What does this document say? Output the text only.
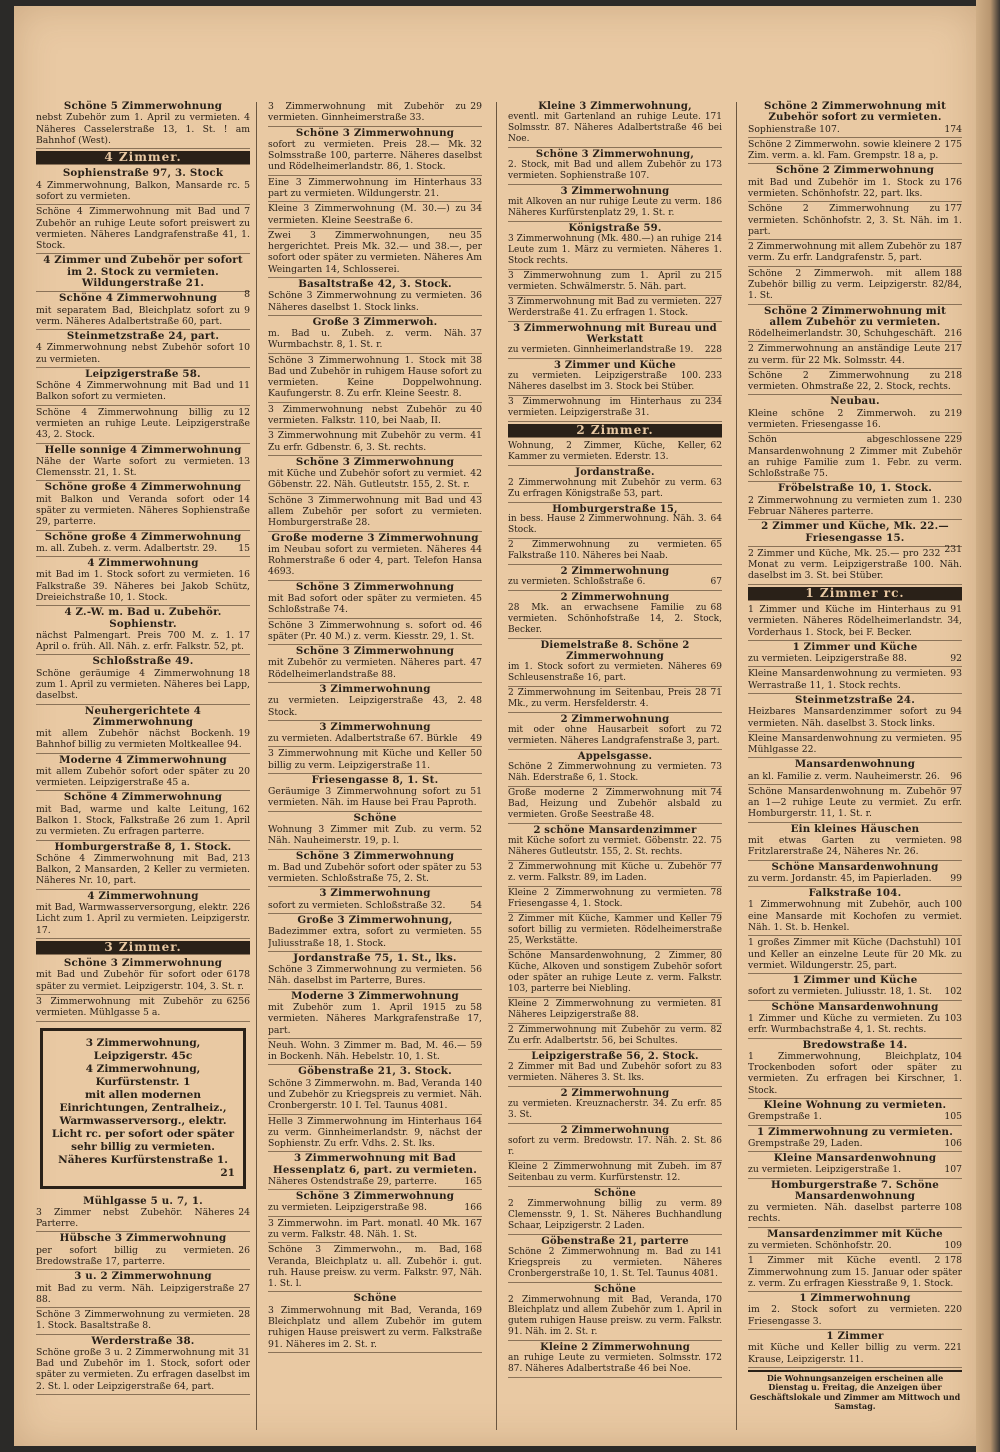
Schöne 5 Zimmerwohnung
4
nebst Zubehör zum 1. April zu vermieten. Näheres Casselerstraße 13, 1. St. ! am Bahnhof (West).
4 Zimmer.
Sophienstraße 97, 3. Stock
5
4 Zimmerwohnung, Balkon, Mansarde rc. sofort zu vermieten.
7
Schöne 4 Zimmerwohnung mit Bad und Zubehör an ruhige Leute sofort preiswert zu vermieten. Näheres Landgrafenstraße 41, 1. Stock.
4 Zimmer und Zubehör per sofort im 2. Stock zu vermieten. Wildungerstraße 21.
8
Schöne 4 Zimmerwohnung
9
mit separatem Bad, Bleichplatz sofort zu verm. Näheres Adalbertstraße 60, part.
Steinmetzstraße 24, part.
10
4 Zimmerwohnung nebst Zubehör sofort zu vermieten.
Leipzigerstraße 58.
11
Schöne 4 Zimmerwohnung mit Bad und Balkon sofort zu vermieten.
12
Schöne 4 Zimmerwohnung billig zu vermieten an ruhige Leute. Leipzigerstraße 43, 2. Stock.
Helle sonnige 4 Zimmerwohnung
13
Nähe der Warte sofort zu vermieten. Clemensstr. 21, 1. St.
Schöne große 4 Zimmerwohnung
14
mit Balkon und Veranda sofort oder später zu vermieten. Näheres Sophienstraße 29, parterre.
Schöne große 4 Zimmerwohnung
15
m. all. Zubeh. z. verm. Adalbertstr. 29.
4 Zimmerwohnung
16
mit Bad im 1. Stock sofort zu vermieten. Falkstraße 39. Näheres bei Jakob Schütz, Dreieichstraße 10, 1. Stock.
4 Z.-W. m. Bad u. Zubehör. Sophienstr.
17
nächst Palmengart. Preis 700 M. z. 1. April o. früh. All. Näh. z. erfr. Falkstr. 52, pt.
Schloßstraße 49.
18
Schöne geräumige 4 Zimmerwohnung zum 1. April zu vermieten. Näheres bei Lapp, daselbst.
Neuhergerichtete 4 Zimmerwohnung
19
mit allem Zubehör nächst Bockenh. Bahnhof billig zu vermieten Moltkeallee 94.
Moderne 4 Zimmerwohnung
20
mit allem Zubehör sofort oder später zu vermieten. Leipzigerstraße 45 a.
Schöne 4 Zimmerwohnung
162
mit Bad, warme und kalte Leitung, Balkon 1. Stock, Falkstraße 26 zum 1. April zu vermieten. Zu erfragen parterre.
Homburgerstraße 8, 1. Stock.
213
Schöne 4 Zimmerwohnung mit Bad, Balkon, 2 Mansarden, 2 Keller zu vermieten. Näheres Nr. 10, part.
4 Zimmerwohnung
226
mit Bad, Warmwasserversorgung, elektr. Licht zum 1. April zu vermieten. Leipzigerstr. 17.
3 Zimmer.
Schöne 3 Zimmerwohnung
6178
mit Bad und Zubehör für sofort oder später zu vermiet. Leipzigerstr. 104, 3. St. r.
6256
3 Zimmerwohnung mit Zubehör zu vermieten. Mühlgasse 5 a.
3 Zimmerwohnung, Leipzigerstr. 45c
4 Zimmerwohnung, Kurfürstenstr. 1
mit allen modernen Einrichtungen, Zentralheiz., Warmwasserversorg., elektr. Licht rc. per sofort oder später sehr billig zu vermieten. Näheres Kurfürstenstraße 1.
21
Mühlgasse 5 u. 7, 1.
24
3 Zimmer nebst Zubehör. Näheres Parterre.
Hübsche 3 Zimmerwohnung
26
per sofort billig zu vermieten. Bredowstraße 17, parterre.
3 u. 2 Zimmerwohnung
27
mit Bad zu verm. Näh. Leipzigerstraße 88.
28
Schöne 3 Zimmerwohnung zu vermieten. 1. Stock. Basaltstraße 8.
Werderstraße 38.
31
Schöne große 3 u. 2 Zimmerwohnung mit Bad und Zubehör im 1. Stock, sofort oder später zu vermieten. Zu erfragen daselbst im 2. St. l. oder Leipzigerstraße 64, part.
29
3 Zimmerwohnung mit Zubehör zu vermieten. Ginnheimerstraße 33.
Schöne 3 Zimmerwohnung
32
sofort zu vermieten. Preis 28.— Mk. Solmsstraße 100, parterre. Näheres daselbst und Rödelheimerlandstr. 86, 1. Stock.
33
Eine 3 Zimmerwohnung im Hinterhaus part zu vermieten. Wildungerstr. 21.
34
Kleine 3 Zimmerwohnung (M. 30.—) zu vermieten. Kleine Seestraße 6.
35
Zwei 3 Zimmerwohnungen, neu hergerichtet. Preis Mk. 32.— und 38.—, per sofort oder später zu vermieten. Näheres Am Weingarten 14, Schlosserei.
Basaltstraße 42, 3. Stock.
36
Schöne 3 Zimmerwohnung zu vermieten. Näheres daselbst 1. Stock links.
Große 3 Zimmerwoh.
37
m. Bad u. Zubeh. z. verm. Näh. Wurmbachstr. 8, 1. St. r.
38
Schöne 3 Zimmerwohnung 1. Stock mit Bad und Zubehör in ruhigem Hause sofort zu vermieten. Keine Doppelwohnung. Kaufungerstr. 8. Zu erfr. Kleine Seestr. 8.
40
3 Zimmerwohnung nebst Zubehör zu vermieten. Falkstr. 110, bei Naab, II.
41
3 Zimmerwohnung mit Zubehör zu verm. Zu erfr. Gdbenstr. 6, 3. St. rechts.
Schöne 3 Zimmerwohnung
42
mit Küche und Zubehör sofort zu vermiet. Göbenstr. 22. Näh. Gutleutstr. 155, 2. St. r.
43
Schöne 3 Zimmerwohnung mit Bad und allem Zubehör per sofort zu vermieten. Homburgerstraße 28.
Große moderne 3 Zimmerwohnung
44
im Neubau sofort zu vermieten. Näheres Rohmerstraße 6 oder 4, part. Telefon Hansa 4693.
Schöne 3 Zimmerwohnung
45
mit Bad sofort oder später zu vermieten. Schloßstraße 74.
46
Schöne 3 Zimmerwohnung s. sofort od. später (Pr. 40 M.) z. verm. Kiesstr. 29, 1. St.
Schöne 3 Zimmerwohnung
47
mit Zubehör zu vermieten. Näheres part. Rödelheimerlandstraße 88.
3 Zimmerwohnung
48
zu vermieten. Leipzigerstraße 43, 2. Stock.
3 Zimmerwohnung
49
zu vermieten. Adalbertstraße 67. Bürkle
50
3 Zimmerwohnung mit Küche und Keller billig zu verm. Leipzigerstraße 11.
Friesengasse 8, 1. St.
51
Geräumige 3 Zimmerwohnung sofort zu vermieten. Näh. im Hause bei Frau Paproth.
Schöne
52
Wohnung 3 Zimmer mit Zub. zu verm. Näh. Nauheimerstr. 19, p. l.
Schöne 3 Zimmerwohnung
53
m. Bad und Zubehör sofort oder später zu vermieten. Schloßstraße 75, 2. St.
3 Zimmerwohnung
54
sofort zu vermieten. Schloßstraße 32.
Große 3 Zimmerwohnung,
55
Badezimmer extra, sofort zu vermieten. Juliusstraße 18, 1. Stock.
Jordanstraße 75, 1. St., lks.
56
Schöne 3 Zimmerwohnung zu vermieten. Näh. daselbst im Parterre, Bures.
Moderne 3 Zimmerwohnung
58
mit Zubehör zum 1. April 1915 zu vermieten. Näheres Markgrafenstraße 17, part.
59
Neuh. Wohn. 3 Zimmer m. Bad, M. 46.— in Bockenh. Näh. Hebelstr. 10, 1. St.
Göbenstraße 21, 3. Stock.
140
Schöne 3 Zimmerwohn. m. Bad, Veranda und Zubehör zu Kriegspreis zu vermiet. Näh. Cronbergerstr. 10 I. Tel. Taunus 4081.
164
Helle 3 Zimmerwohnung im Hinterhaus zu verm. Ginnheimerlandstr. 9, nächst der Sophienstr. Zu erfr. Vdhs. 2. St. lks.
3 Zimmerwohnung mit Bad Hessenplatz 6, part. zu vermieten.
165
Näheres Ostendstraße 29, parterre.
Schöne 3 Zimmerwohnung
166
zu vermieten. Leipzigerstraße 98.
167
3 Zimmerwohn. im Part. monatl. 40 Mk. zu verm. Falkstr. 48. Näh. 1. St.
168
Schöne 3 Zimmerwohn., m. Bad, Veranda, Bleichplatz u. all. Zubehör i. gut. ruh. Hause preisw. zu verm. Falkstr. 97, Näh. 1. St. l.
Schöne
169
3 Zimmerwohnung mit Bad, Veranda, Bleichplatz und allem Zubehör im gutem ruhigen Hause preiswert zu verm. Falkstraße 91. Näheres im 2. St. r.
Kleine 3 Zimmerwohnung,
171
eventl. mit Gartenland an ruhige Leute. Solmsstr. 87. Näheres Adalbertstraße 46 bei Noe.
Schöne 3 Zimmerwohnung,
173
2. Stock, mit Bad und allem Zubehör zu vermieten. Sophienstraße 107.
3 Zimmerwohnung
186
mit Alkoven an nur ruhige Leute zu verm. Näheres Kurfürstenplatz 29, 1. St. r.
Königstraße 59.
214
3 Zimmerwohnung (Mk. 480.—) an ruhige Leute zum 1. März zu vermieten. Näheres 1. Stock rechts.
215
3 Zimmerwohnung zum 1. April zu vermieten. Schwälmerstr. 5. Näh. part.
227
3 Zimmerwohnung mit Bad zu vermieten. Werderstraße 41. Zu erfragen 1. Stock.
3 Zimmerwohnung mit Bureau und Werkstatt
228
zu vermieten. Ginnheimerlandstraße 19.
3 Zimmer und Küche
233
zu vermieten. Leipzigerstraße 100. Näheres daselbst im 3. Stock bei Stüber.
234
3 Zimmerwohnung im Hinterhaus zu vermieten. Leipzigerstraße 31.
2 Zimmer.
62
Wohnung, 2 Zimmer, Küche, Keller, Kammer zu vermieten. Ederstr. 13.
Jordanstraße.
63
2 Zimmerwohnung mit Zubehör zu verm. Zu erfragen Königstraße 53, part.
Homburgerstraße 15,
64
in bess. Hause 2 Zimmerwohnung. Näh. 3. Stock.
65
2 Zimmerwohnung zu vermieten. Falkstraße 110. Näheres bei Naab.
2 Zimmerwohnung
67
zu vermieten. Schloßstraße 6.
2 Zimmerwohnung
68
28 Mk. an erwachsene Familie zu vermieten. Schönhofstraße 14, 2. Stock, Becker.
Diemelstraße 8. Schöne 2 Zimmerwohnung
69
im 1. Stock sofort zu vermieten. Näheres Schleusenstraße 16, part.
71
2 Zimmerwohnung im Seitenbau, Preis 28 Mk., zu verm. Hersfelderstr. 4.
2 Zimmerwohnung
72
mit oder ohne Hausarbeit sofort zu vermieten. Näheres Landgrafenstraße 3, part.
Appelsgasse.
73
Schöne 2 Zimmerwohnung zu vermieten. Näh. Ederstraße 6, 1. Stock.
74
Große moderne 2 Zimmerwohnung mit Bad, Heizung und Zubehör alsbald zu vermieten. Große Seestraße 48.
2 schöne Mansardenzimmer
75
mit Küche sofort zu vermiet. Göbenstr. 22. Näheres Gutleutstr. 155, 2. St. rechts.
77
2 Zimmerwohnung mit Küche u. Zubehör z. verm. Falkstr. 89, im Laden.
78
Kleine 2 Zimmerwohnung zu vermieten. Friesengasse 4, 1. Stock.
79
2 Zimmer mit Küche, Kammer und Keller sofort billig zu vermieten. Rödelheimerstraße 25, Werkstätte.
80
Schöne Mansardenwohnung, 2 Zimmer, Küche, Alkoven und sonstigem Zubehör sofort oder später an ruhige Leute z. verm. Falkstr. 103, parterre bei Niebling.
81
Kleine 2 Zimmerwohnung zu vermieten. Näheres Leipzigerstraße 88.
82
2 Zimmerwohnung mit Zubehör zu verm. Zu erfr. Adalbertstr. 56, bei Schultes.
Leipzigerstraße 56, 2. Stock.
83
2 Zimmer mit Bad und Zubehör sofort zu vermieten. Näheres 3. St. lks.
2 Zimmerwohnung
85
zu vermieten. Kreuznacherstr. 34. Zu erfr. 3. St.
2 Zimmerwohnung
86
sofort zu verm. Bredowstr. 17. Näh. 2. St. r.
87
Kleine 2 Zimmerwohnung mit Zubeh. im Seitenbau zu verm. Kurfürstenstr. 12.
Schöne
89
2 Zimmerwohnung billig zu verm. Clemensstr. 9, 1. St. Näheres Buchhandlung Schaar, Leipzigerstr. 2 Laden.
Göbenstraße 21, parterre
141
Schöne 2 Zimmerwohnung m. Bad zu Kriegspreis zu vermieten. Näheres Cronbergerstraße 10, 1. St. Tel. Taunus 4081.
Schöne
170
2 Zimmerwohnung mit Bad, Veranda, Bleichplatz und allem Zubehör zum 1. April in gutem ruhigen Hause preisw. zu verm. Falkstr. 91. Näh. im 2. St. r.
Kleine 2 Zimmerwohnung
172
an ruhige Leute zu vermieten. Solmsstr. 87. Näheres Adalbertstraße 46 bei Noe.
Schöne 2 Zimmerwohnung mit Zubehör sofort zu vermieten.
174
Sophienstraße 107.
175
Schöne 2 Zimmerwohn. sowie kleinere 2 Zim. verm. a. kl. Fam. Grempstr. 18 a, p.
Schöne 2 Zimmerwohnung
176
mit Bad und Zubehör im 1. Stock zu vermieten. Schönhofstr. 22, part. lks.
177
Schöne 2 Zimmerwohnung zu vermieten. Schönhofstr. 2, 3. St. Näh. im 1. part.
187
2 Zimmerwohnung mit allem Zubehör zu verm. Zu erfr. Landgrafenstr. 5, part.
188
Schöne 2 Zimmerwoh. mit allem Zubehör billig zu verm. Leipzigerstr. 82/84, 1. St.
Schöne 2 Zimmerwohnung mit allem Zubehör zu vermieten.
216
Rödelheimerlandstr. 30, Schuhgeschäft.
217
2 Zimmerwohnung an anständige Leute zu verm. für 22 Mk. Solmsstr. 44.
218
Schöne 2 Zimmerwohnung zu vermieten. Ohmstraße 22, 2. Stock, rechts.
Neubau.
219
Kleine schöne 2 Zimmerwoh. zu vermieten. Friesengasse 16.
229
Schön abgeschlossene Mansardenwohnung 2 Zimmer mit Zubehör an ruhige Familie zum 1. Febr. zu verm. Schloßstraße 75.
Fröbelstraße 10, 1. Stock.
230
2 Zimmerwohnung zu vermieten zum 1. Februar Näheres parterre.
2 Zimmer und Küche, Mk. 22.— Friesengasse 15.
231
232
2 Zimmer und Küche, Mk. 25.— pro Monat zu verm. Leipzigerstraße 100. Näh. daselbst im 3. St. bei Stüber.
1 Zimmer rc.
91
1 Zimmer und Küche im Hinterhaus zu vermieten. Näheres Rödelheimerlandstr. 34, Vorderhaus 1. Stock, bei F. Becker.
1 Zimmer und Küche
92
zu vermieten. Leipzigerstraße 88.
93
Kleine Mansardenwohnung zu vermieten. Werrastraße 11, 1. Stock rechts.
Steinmetzstraße 24.
94
Heizbares Mansardenzimmer sofort zu vermieten. Näh. daselbst 3. Stock links.
95
Kleine Mansardenwohnung zu vermieten. Mühlgasse 22.
Mansardenwohnung
96
an kl. Familie z. verm. Nauheimerstr. 26.
97
Schöne Mansardenwohnung m. Zubehör an 1—2 ruhige Leute zu vermiet. Zu erfr. Homburgerstr. 11, 1. St. r.
Ein kleines Häuschen
98
mit etwas Garten zu vermieten. Fritzlarerstraße 24, Näheres Nr. 26.
Schöne Mansardenwohnung
99
zu verm. Jordanstr. 45, im Papierladen.
Falkstraße 104.
100
1 Zimmerwohnung mit Zubehör, auch eine Mansarde mit Kochofen zu vermiet. Näh. 1. St. b. Henkel.
101
1 großes Zimmer mit Küche (Dachstuhl) und Keller an einzelne Leute für 20 Mk. zu vermiet. Wildungerstr. 25, part.
1 Zimmer und Küche
102
sofort zu vermieten. Juliusstr. 18, 1. St.
Schöne Mansardenwohnung
103
1 Zimmer und Küche zu vermieten. Zu erfr. Wurmbachstraße 4, 1. St. rechts.
Bredowstraße 14.
104
1 Zimmerwohnung, Bleichplatz, Trockenboden sofort oder später zu vermieten. Zu erfragen bei Kirschner, 1. Stock.
Kleine Wohnung zu vermieten.
105
Grempstraße 1.
1 Zimmerwohnung zu vermieten.
106
Grempstraße 29, Laden.
Kleine Mansardenwohnung
107
zu vermieten. Leipzigerstraße 1.
Homburgerstraße 7. Schöne Mansardenwohnung
108
zu vermieten. Näh. daselbst parterre rechts.
Mansardenzimmer mit Küche
109
zu vermieten. Schönhofstr. 20.
178
1 Zimmer mit Küche eventl. 2 Zimmerwohnung zum 15. Januar oder später z. verm. Zu erfragen Kiesstraße 9, 1. Stock.
1 Zimmerwohnung
220
im 2. Stock sofort zu vermieten. Friesengasse 3.
1 Zimmer
221
mit Küche und Keller billig zu verm. Krause, Leipzigerstr. 11.
Die Wohnungsanzeigen erscheinen alle Dienstag u. Freitag, die Anzeigen über Geschäftslokale und Zimmer am Mittwoch und Samstag.
